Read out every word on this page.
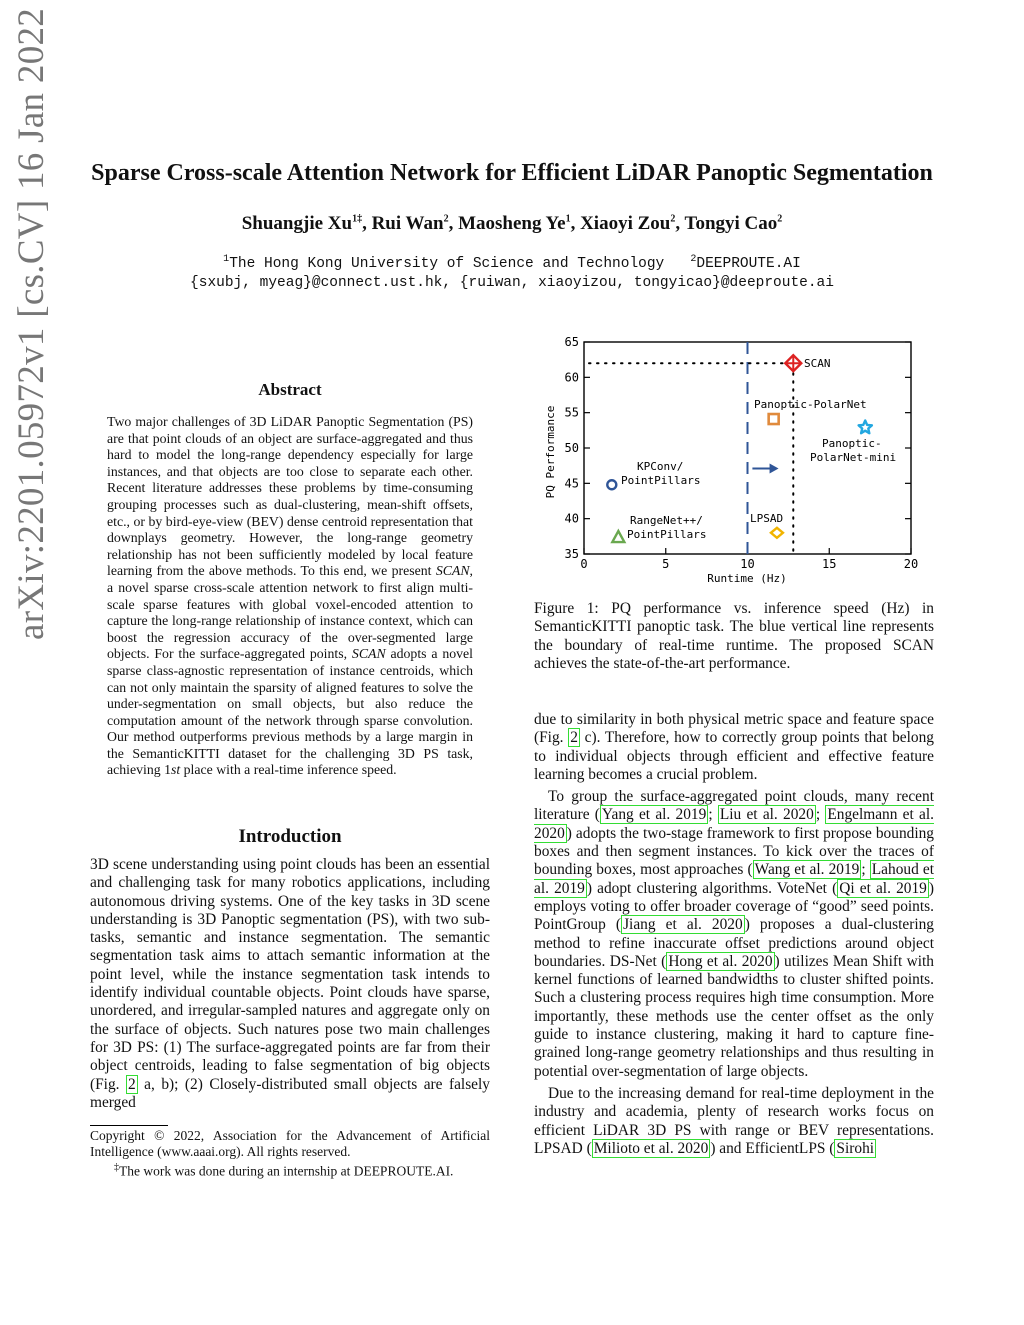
arXiv:2201.05972v1 [cs.CV] 16 Jan 2022	Sparse Cross-scale Attention Network for Efficient LiDAR Panoptic Segmentation
Shuangjie $Xu^{1\ddagger}$, Rui Wan$^2$, Maosheng Ye$^1$, Xiaoyi Zou$^2$, Tongyi Cao$^2$
$^1$The Hong Kong University of Science and Technology	$^2$DEEPROUTE.AI
{sxubj, myeag}@connect.ust.hk, {ruiwan, xiaoyizou, tongyicao}@deeproute.ai
Abstract
Two major challenges of 3D LiDAR Panoptic Segmentation (PS) are that point clouds of an object are surface-aggregated and thus hard to model the long-range dependency especially for large instances, and that objects are too close to separate each other. Recent literature addresses these problems by time-consuming grouping processes such as dual-clustering, mean-shift offsets, etc., or by bird-eye-view (BEV) dense centroid representation that downplays geometry. However, the long-range geometry relationship has not been sufficiently modeled by local feature learning from the above methods. To this end, we present SCAN, a novel sparse cross-scale attention network to first align multi-scale sparse features with global voxel-encoded attention to capture the long-range relationship of instance context, which can boost the regression accuracy of the over-segmented large objects. For the surface-aggregated points, SCAN adopts a novel sparse class-agnostic representation of instance centroids, which can not only maintain the sparsity of aligned features to solve the under-segmentation on small objects, but also reduce the computation amount of the network through sparse convolution. Our method outperforms previous methods by a large margin in the SemanticKITTI dataset for the challenging 3D PS task, achieving 1st place with a real-time inference speed.
Introduction

3D scene understanding using point clouds has been an essential and challenging task for many robotics applications, including autonomous driving systems. One of the key tasks in 3D scene understanding is 3D Panoptic segmentation (PS), with two sub-tasks, semantic and instance segmentation. The semantic segmentation task aims to attach semantic information at the point level, while the instance segmentation task intends to identify individual countable objects. Point clouds have sparse, unordered, and irregular-sampled natures and aggregate only on the surface of objects. Such natures pose two main challenges for 3D PS: (1) The surface-aggregated points are far from their object centroids, leading to false segmentation of big objects (Fig. 2 a, b); (2) Closely-distributed small objects are falsely merged

Copyright © 2022, Association for the Advancement of Artificial Intelligence (www.aaai.org). All rights reserved.

‡The work was done during an internship at DEEPROUTE.AI.

35
40
45
50
55
60
65
0	5	10	15	20
SCAN
Panoptic-PolarNet
Panoptic-
PolarNet-mini
KPConv/
PointPillars
RangeNet++/
PointPillars
LPSAD
Runtime (Hz)
PQ Performance
Figure 1: PQ performance vs. inference speed (Hz) in SemanticKITTI panoptic task. The blue vertical line represents the boundary of real-time runtime. The proposed SCAN achieves the state-of-the-art performance.

due to similarity in both physical metric space and feature space (Fig. 2 c). Therefore, how to correctly group points that belong to individual objects through efficient and effective feature learning becomes a crucial problem.

To group the surface-aggregated point clouds, many recent literature ( Yang et al. 2019 ; Liu et al. 2020 ; Engelmann et al. 2020 ) adopts the two-stage framework to first propose bounding boxes and then segment instances. To kick over the traces of bounding boxes, most approaches ( Wang et al. 2019 ; Lahoud et al. 2019 ) adopt clustering algorithms. VoteNet ( Qi et al. 2019 ) employs voting to offer broader coverage of “good” seed points. PointGroup ( Jiang et al. 2020 ) proposes a dual-clustering method to refine inaccurate offset predictions around object boundaries. DS-Net ( Hong et al. 2020 ) utilizes Mean Shift with kernel functions of learned bandwidths to cluster shifted points. Such a clustering process requires high time consumption. More importantly, these methods use the center offset as the only guide to instance clustering, making it hard to capture fine-grained long-range geometry relationships and thus resulting in potential over-segmentation of large objects.

Due to the increasing demand for real-time deployment in the industry and academia, plenty of research works focus on efficient LiDAR 3D PS with range or BEV representations. LPSAD ( Milioto et al. 2020 ) and EfficientLPS ( Sirohi
